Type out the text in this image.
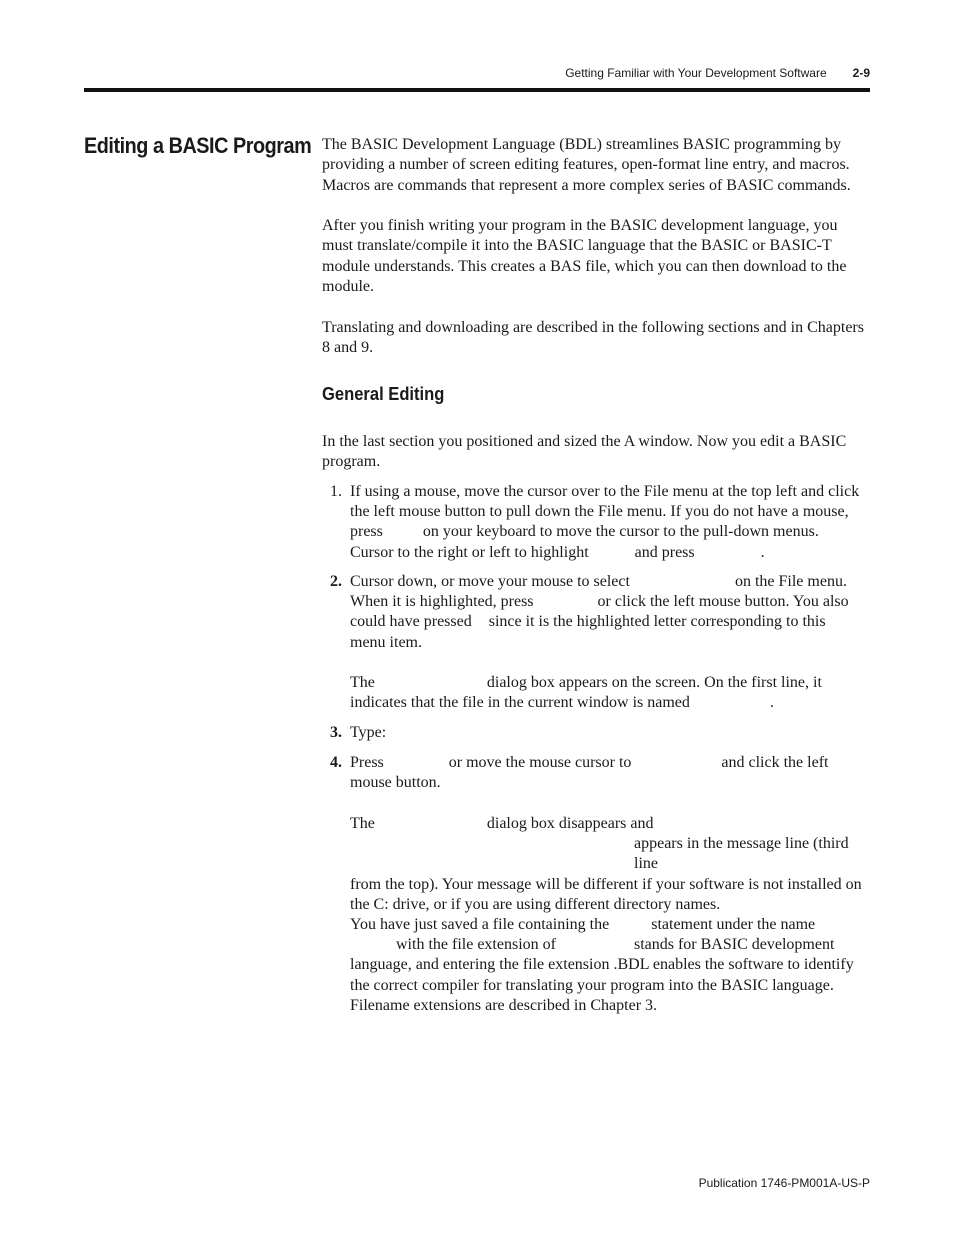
Getting Familiar with Your Development Software 2-9
Editing a BASIC Program The BASIC Development Language (BDL) streamlines BASIC programming by providing a number of screen editing features, open-format line entry, and macros. Macros are commands that represent a more complex series of BASIC commands.

After you finish writing your program in the BASIC development language, you must translate/compile it into the BASIC language that the BASIC or BASIC-T module understands. This creates a BAS file, which you can then download to the module.

Translating and downloading are described in the following sections and in Chapters 8 and 9.

General Editing

In the last section you positioned and sized the A window. Now you edit a BASIC program.

1. If using a mouse, move the cursor over to the File menu at the top left and click
the left mouse button to pull down the File menu. If you do not have a mouse,
press	on your keyboard to move the cursor to the pull-down menus.
Cursor to the right or left to highlight	and press	.
2. Cursor down, or move your mouse to select	on the File menu.
When it is highlighted, press	or click the left mouse button. You also
could have pressed since it is the highlighted letter corresponding to this
menu item.
The	dialog box appears on the screen. On the first line, it
indicates that the file in the current window is named	.
3. Type:
4. Press	or move the mouse cursor to	and click the left
mouse button.
The	dialog box disappears and
appears in the message line (third line
from the top). Your message will be different if your software is not installed on
the C: drive, or if you are using different directory names.
You have just saved a file containing the	statement under the name
with the file extension of	stands for BASIC development
language, and entering the file extension .BDL enables the software to identify
the correct compiler for translating your program into the BASIC language.
Filename extensions are described in Chapter 3.
Publication 1746-PM001A-US-P
